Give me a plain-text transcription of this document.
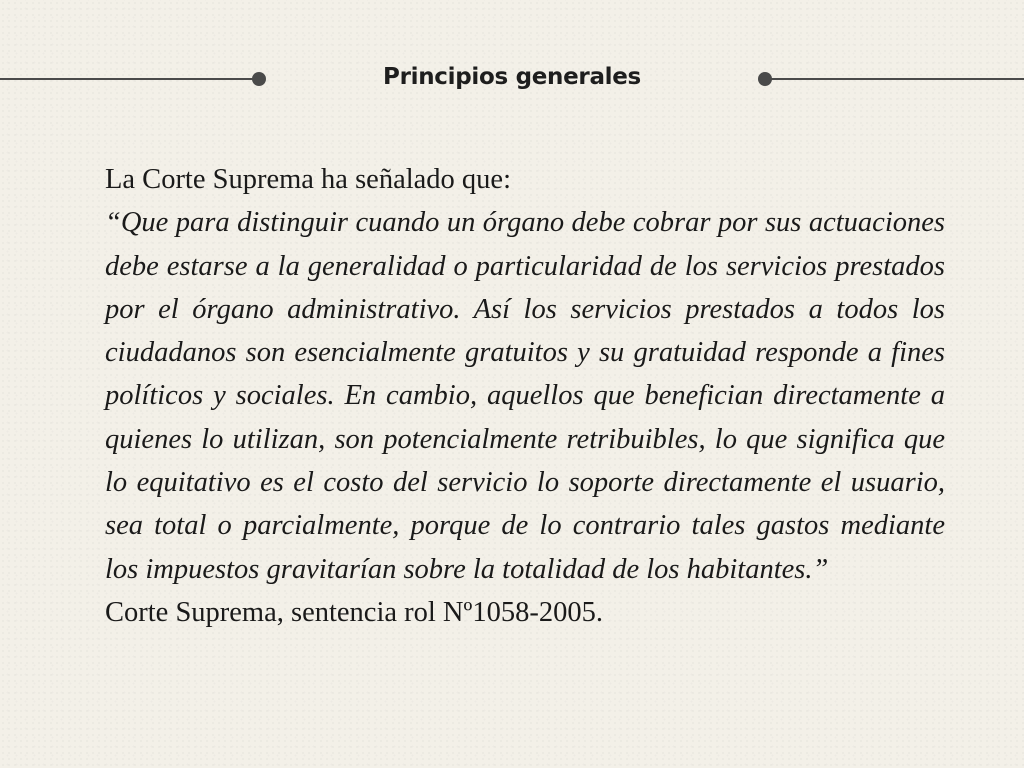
Principios generales

La Corte Suprema ha señalado que:

“Que para distinguir cuando un órgano debe cobrar por sus actuaciones debe estarse a la generalidad o particularidad de los servicios prestados por el órgano administrativo. Así los servicios prestados a todos los ciudadanos son esencialmente gratuitos y su gratuidad responde a fines políticos y sociales. En cambio, aquellos que benefician directamente a quienes lo utilizan, son potencialmente retribuibles, lo que significa que lo equitativo es el costo del servicio lo soporte directamente el usuario, sea total o parcialmente, porque de lo contrario tales gastos mediante los impuestos gravitarían sobre la totalidad de los habitantes.”

Corte Suprema, sentencia rol Nº1058-2005.
